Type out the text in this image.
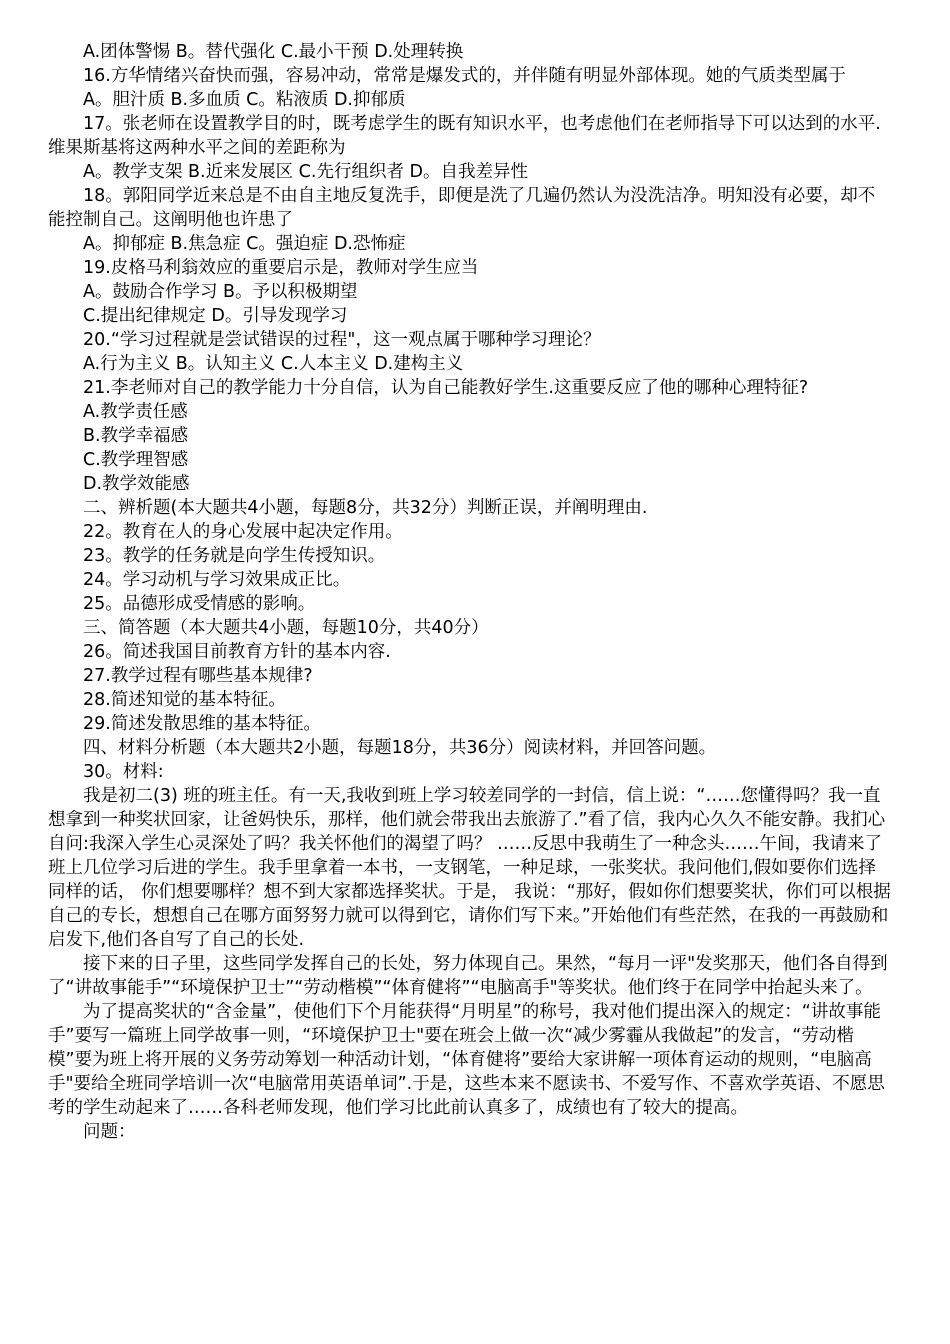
A.团体警惕 B。替代强化 C.最小干预 D.处理转换

16.方华情绪兴奋快而强，容易冲动，常常是爆发式的，并伴随有明显外部体现。她的气质类型属于

A。胆汁质 B.多血质 C。粘液质 D.抑郁质

17。张老师在设置教学目的时，既考虑学生的既有知识水平，也考虑他们在老师指导下可以达到的水平.维果斯基将这两种水平之间的差距称为

A。教学支架 B.近来发展区 C.先行组织者 D。自我差异性

18。郭阳同学近来总是不由自主地反复洗手，即便是洗了几遍仍然认为没洗洁净。明知没有必要，却不能控制自己。这阐明他也许患了

A。抑郁症 B.焦急症 C。强迫症 D.恐怖症

19.皮格马利翁效应的重要启示是，教师对学生应当

A。鼓励合作学习 B。予以积极期望

C.提出纪律规定 D。引导发现学习

20.“学习过程就是尝试错误的过程"，这一观点属于哪种学习理论？

A.行为主义 B。认知主义 C.人本主义 D.建构主义

21.李老师对自己的教学能力十分自信，认为自己能教好学生.这重要反应了他的哪种心理特征?

A.教学责任感

B.教学幸福感

C.教学理智感

D.教学效能感

二、辨析题(本大题共4小题，每题8分，共32分）判断正误，并阐明理由.

22。教育在人的身心发展中起决定作用。

23。教学的任务就是向学生传授知识。

24。学习动机与学习效果成正比。

25。品德形成受情感的影响。

三、简答题（本大题共4小题，每题10分，共40分）

26。简述我国目前教育方针的基本内容.

27.教学过程有哪些基本规律?

28.简述知觉的基本特征。

29.简述发散思维的基本特征。

四、材料分析题（本大题共2小题，每题18分，共36分）阅读材料，并回答问题。

30。材料:

我是初二(3) 班的班主任。有一天,我收到班上学习较差同学的一封信，信上说：“……您懂得吗？我一直想拿到一种奖状回家，让爸妈快乐，那样，他们就会带我出去旅游了.”看了信，我内心久久不能安静。我扪心自问:我深入学生心灵深处了吗？我关怀他们的渴望了吗？ ……反思中我萌生了一种念头……午间，我请来了班上几位学习后进的学生。我手里拿着一本书，一支钢笔，一种足球，一张奖状。我问他们,假如要你们选择同样的话， 你们想要哪样？想不到大家都选择奖状。于是， 我说：“那好，假如你们想要奖状，你们可以根据自己的专长，想想自己在哪方面努努力就可以得到它，请你们写下来。”开始他们有些茫然，在我的一再鼓励和启发下,他们各自写了自己的长处.

接下来的日子里，这些同学发挥自己的长处，努力体现自己。果然，“每月一评"发奖那天，他们各自得到了“讲故事能手”“环境保护卫士”“劳动楷模”“体育健将”“电脑高手"等奖状。他们终于在同学中抬起头来了。

为了提高奖状的“含金量”，使他们下个月能获得“月明星”的称号，我对他们提出深入的规定：“讲故事能手”要写一篇班上同学故事一则，“环境保护卫士"要在班会上做一次“减少雾霾从我做起”的发言，“劳动楷模”要为班上将开展的义务劳动筹划一种活动计划，“体育健将”要给大家讲解一项体育运动的规则，“电脑高手"要给全班同学培训一次“电脑常用英语单词”.于是，这些本来不愿读书、不爱写作、不喜欢学英语、不愿思考的学生动起来了……各科老师发现，他们学习比此前认真多了，成绩也有了较大的提高。

问题：
